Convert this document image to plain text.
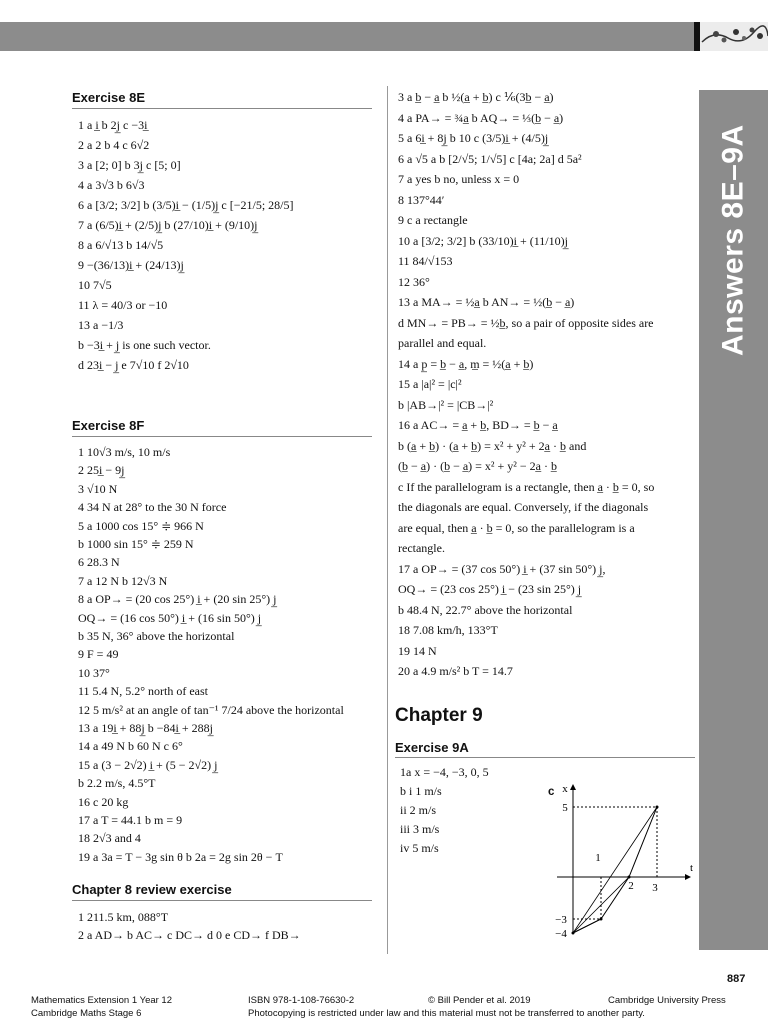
Answers 8E–9A
Exercise 8E
Exercise 8F
Chapter 8 review exercise
Chapter 9
Exercise 9A
c x
t
5
1
2 3
−3
−4
887
Mathematics Extension 1 Year 12
Cambridge Maths Stage 6
ISBN 978-1-108-76630-2	© Bill Pender et al. 2019	Cambridge University Press
Photocopying is restricted under law and this material must not be transferred to another party.
1 a i̲ b 2j̲ c −3i̲
2 a 2 b 4 c 6√2
3 a [2; 0] b 3j̲ c [5; 0]
4 a 3√3 b 6√3
6 a [3/2; 3/2] b (3/5)i̲ − (1/5)j̲ c [−21/5; 28/5]
7 a (6/5)i̲ + (2/5)j̲ b (27/10)i̲ + (9/10)j̲
8 a 6/√13 b 14/√5
9 −(36/13)i̲ + (24/13)j̲
10 7√5
11 λ = 40/3 or −10
13 a −1/3
b −3i̲ + j̲ is one such vector.
d 23i̲ − j̲ e 7√10 f 2√10
1 10√3 m/s, 10 m/s
2 25i̲ − 9j̲
3 √10 N
4 34 N at 28° to the 30 N force
5 a 1000 cos 15° ≑ 966 N
b 1000 sin 15° ≑ 259 N
6 28.3 N
7 a 12 N b 12√3 N
8 a OP→ = (20 cos 25°) i̲ + (20 sin 25°) j̲
OQ→ = (16 cos 50°) i̲ + (16 sin 50°) j̲
b 35 N, 36° above the horizontal
9 F = 49
10 37°
11 5.4 N, 5.2° north of east
12 5 m/s² at an angle of tan⁻¹ 7/24 above the horizontal
13 a 19i̲ + 88j̲ b −84i̲ + 288j̲
14 a 49 N b 60 N c 6°
15 a (3 − 2√2) i̲ + (5 − 2√2) j̲
b 2.2 m/s, 4.5°T
16 c 20 kg
17 a T = 44.1 b m = 9
18 2√3 and 4
19 a 3a = T − 3g sin θ b 2a = 2g sin 2θ − T
1 211.5 km, 088°T
2 a AD→ b AC→ c DC→ d 0 e CD→ f DB→
3 a b̲ − a̲ b ½(a̲ + b̲) c ⅙(3b̲ − a̲)
4 a PA→ = ¾a̲ b AQ→ = ⅓(b̲ − a̲)
5 a 6i̲ + 8j̲ b 10 c (3/5)i̲ + (4/5)j̲
6 a √5 a b [2/√5; 1/√5] c [4a; 2a] d 5a²
7 a yes b no, unless x = 0
8 137°44′
9 c a rectangle
10 a [3/2; 3/2] b (33/10)i̲ + (11/10)j̲
11 84/√153
12 36°
13 a MA→ = ½a̲ b AN→ = ½(b̲ − a̲)
d MN→ = PB→ = ½b̲, so a pair of opposite sides are
parallel and equal.
14 a p̲ = b̲ − a̲, m̲ = ½(a̲ + b̲)
15 a |a|² = |c|²
b |AB→|² = |CB→|²
16 a AC→ = a̲ + b̲, BD→ = b̲ − a̲
b (a̲ + b̲) · (a̲ + b̲) = x² + y² + 2a̲ · b̲ and
(b̲ − a̲) · (b̲ − a̲) = x² + y² − 2a̲ · b̲
c If the parallelogram is a rectangle, then a̲ · b̲ = 0, so
the diagonals are equal. Conversely, if the diagonals
are equal, then a̲ · b̲ = 0, so the parallelogram is a
rectangle.
17 a OP→ = (37 cos 50°) i̲ + (37 sin 50°) j̲,
OQ→ = (23 cos 25°) i̲ − (23 sin 25°) j̲
b 48.4 N, 22.7° above the horizontal
18 7.08 km/h, 133°T
19 14 N
20 a 4.9 m/s² b T = 14.7
1a x = −4, −3, 0, 5
b i 1 m/s
ii 2 m/s
iii 3 m/s
iv 5 m/s
